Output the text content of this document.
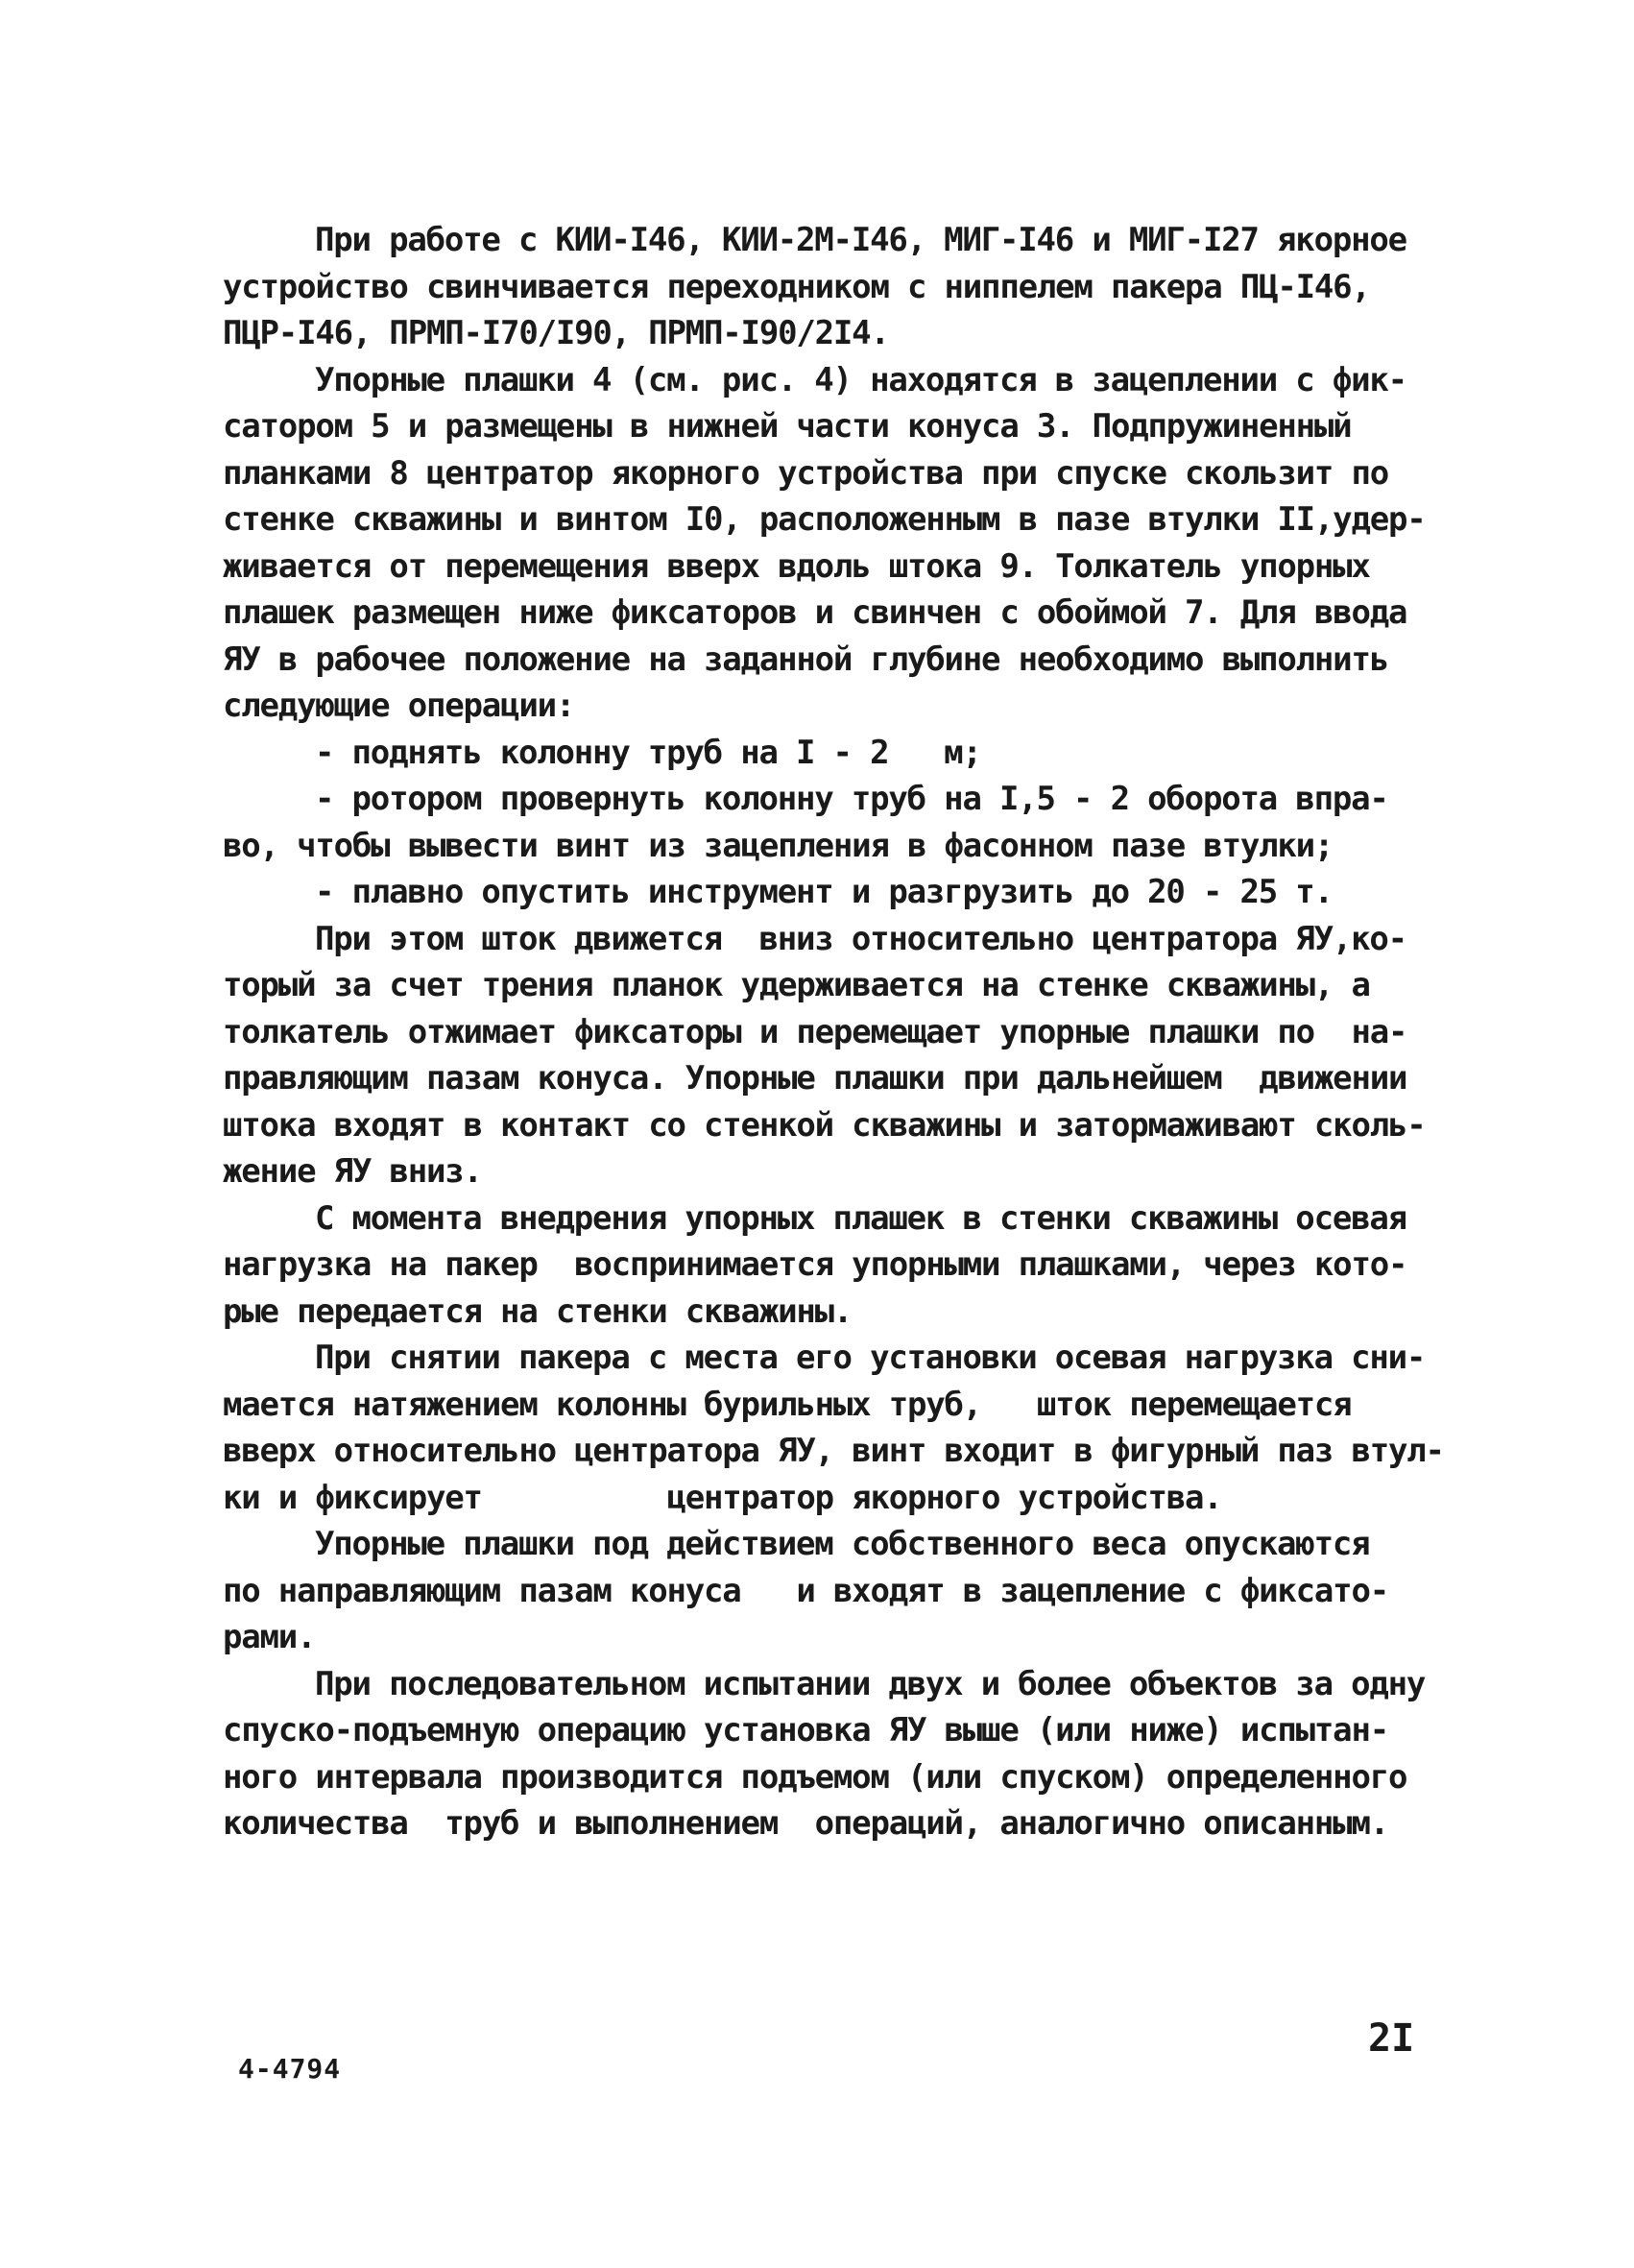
При работе с КИИ-I46, КИИ-2М-I46, МИГ-I46 и МИГ-I27 якорное
устройство свинчивается переходником с ниппелем пакера ПЦ-I46,
ПЦР-I46, ПРМП-I70/I90, ПРМП-I90/2I4.
Упорные плашки 4 (см. рис. 4) находятся в зацеплении с фик-
сатором 5 и размещены в нижней части конуса 3. Подпружиненный
планками 8 центратор якорного устройства при спуске скользит по
стенке скважины и винтом I0, расположенным в пазе втулки II,удер-
живается от перемещения вверх вдоль штока 9. Толкатель упорных
плашек размещен ниже фиксаторов и свинчен с обоймой 7. Для ввода
ЯУ в рабочее положение на заданной глубине необходимо выполнить
следующие операции:
- поднять колонну труб на I - 2   м;
- ротором провернуть колонну труб на I,5 - 2 оборота впра-
во, чтобы вывести винт из зацепления в фасонном пазе втулки;
- плавно опустить инструмент и разгрузить до 20 - 25 т.
При этом шток движется  вниз относительно центратора ЯУ,ко-
торый за счет трения планок удерживается на стенке скважины, а
толкатель отжимает фиксаторы и перемещает упорные плашки по  на-
правляющим пазам конуса. Упорные плашки при дальнейшем  движении
штока входят в контакт со стенкой скважины и затормаживают сколь-
жение ЯУ вниз.
С момента внедрения упорных плашек в стенки скважины осевая
нагрузка на пакер  воспринимается упорными плашками, через кото-
рые передается на стенки скважины.
При снятии пакера с места его установки осевая нагрузка сни-
мается натяжением колонны бурильных труб,   шток перемещается
вверх относительно центратора ЯУ, винт входит в фигурный паз втул-
ки и фиксирует          центратор якорного устройства.
Упорные плашки под действием собственного веса опускаются
по направляющим пазам конуса   и входят в зацепление с фиксато-
рами.
При последовательном испытании двух и более объектов за одну
спуско-подъемную операцию установка ЯУ выше (или ниже) испытан-
ного интервала производится подъемом (или спуском) определенного
количества  труб и выполнением  операций, аналогично описанным.
4-4794
2I
